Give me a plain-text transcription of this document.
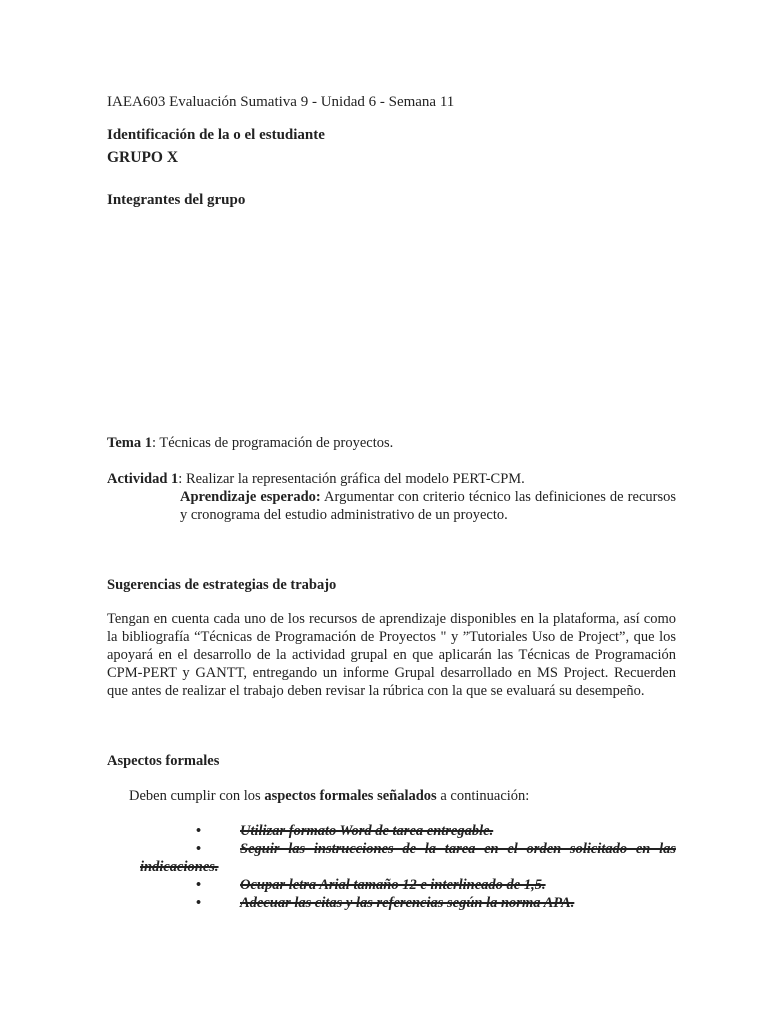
IAEA603 Evaluación Sumativa 9 - Unidad 6 - Semana 11
Identificación de la o el estudiante
GRUPO X
Integrantes del grupo
Tema 1: Técnicas de programación de proyectos.
Actividad 1: Realizar la representación gráfica del modelo PERT-CPM.
Aprendizaje esperado: Argumentar con criterio técnico las definiciones de recursos y cronograma del estudio administrativo de un proyecto.
Sugerencias de estrategias de trabajo
Tengan en cuenta cada uno de los recursos de aprendizaje disponibles en la plataforma, así como la bibliografía “Técnicas de Programación de Proyectos " y ”Tutoriales Uso de Project”, que los apoyará en el desarrollo de la actividad grupal en que aplicarán las Técnicas de Programación CPM-PERT y GANTT, entregando un informe Grupal desarrollado en MS Project. Recuerden que antes de realizar el trabajo deben revisar la rúbrica con la que se evaluará su desempeño.
Aspectos formales
Deben cumplir con los aspectos formales señalados a continuación:
•	Utilizar formato Word de tarea entregable.
•	Seguir las instrucciones de la tarea en el orden solicitado en las indicaciones.
•	Ocupar letra Arial tamaño 12 e interlineado de 1,5.
•	Adecuar las citas y las referencias según la norma APA.
